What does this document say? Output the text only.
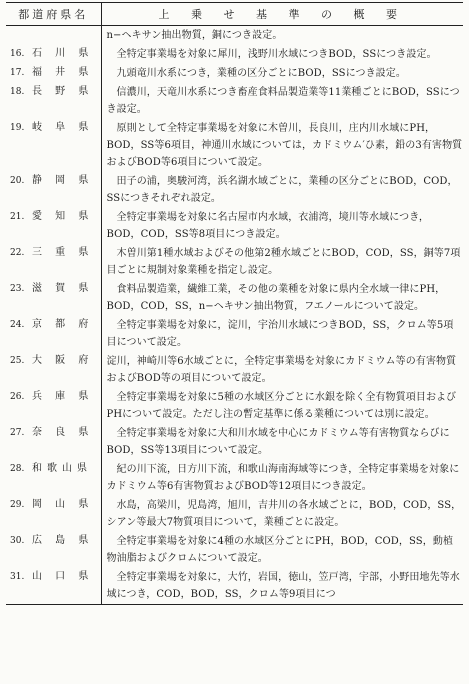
都道府県名	上 乗 せ 基 準 の 概 要
	n−ヘキサン抽出物質，銅につき設定。
16. 石 川 県	全特定事業場を対象に犀川，浅野川水域につきBOD，SSにつき設定。
17. 福 井 県	九頭竜川水系につき，業種の区分ごとにBOD，SSにつき設定。
18. 長 野 県	信濃川，天竜川水系につき畜産食料品製造業等11業種ごとにBOD，SSにつき設定。
19. 岐 阜 県	原則として全特定事業場を対象に木曽川，長良川，庄内川水域にPH，BOD，SS等6項目，神通川水域については，カドミウム′ひ素，鉛の3有害物質およびBOD等6項目について設定。
20. 静 岡 県	田子の浦，奥駿河湾，浜名湖水域ごとに，業種の区分ごとにBOD，COD，SSにつきそれぞれ設定。
21. 愛 知 県	全特定事業場を対象に名古屋市内水域，衣浦湾，境川等水域につき，BOD，COD，SS等8項目につき設定。
22. 三 重 県	木曽川第1種水域およびその他第2種水域ごとにBOD，COD，SS，銅等7項目ごとに規制対象業種を指定し設定。
23. 滋 賀 県	食料品製造業，繊維工業，その他の業種を対象に県内全水域一律にPH，BOD，COD，SS，n−ヘキサン抽出物質，フエノールについて設定。
24. 京 都 府	全特定事業場を対象に，淀川，宇治川水域につきBOD，SS，クロム等5項目について設定。
25. 大 阪 府	淀川，神崎川等6水域ごとに，全特定事業場を対象にカドミウム等の有害物質およびBOD等の項目について設定。
26. 兵 庫 県	全特定事業場を対象に5種の水域区分ごとに水銀を除く全有物質項目およびPHについて設定。ただし注の暫定基準に係る業種については別に設定。
27. 奈 良 県	全特定事業場を対象に大和川水域を中心にカドミウム等有害物質ならびにBOD，SS等13項目について設定。
28. 和歌山県	紀の川下流，日方川下流，和歌山海南海域等につき，全特定事業場を対象にカドミウム等6有害物質およびBOD等12項目につき設定。
29. 岡 山 県	水島，高梁川，児島湾，旭川，吉井川の各水域ごとに，BOD，COD，SS，シアン等最大7物質項目について，業種ごとに設定。
30. 広 島 県	全特定事業場を対象に4種の水域区分ごとにPH，BOD，COD，SS，動植物油脂およびクロムについて設定。
31. 山 口 県	全特定事業場を対象に，大竹，岩国，徳山，笠戸湾，宇部，小野田地先等水域につき，COD，BOD，SS，クロム等9項目につ
